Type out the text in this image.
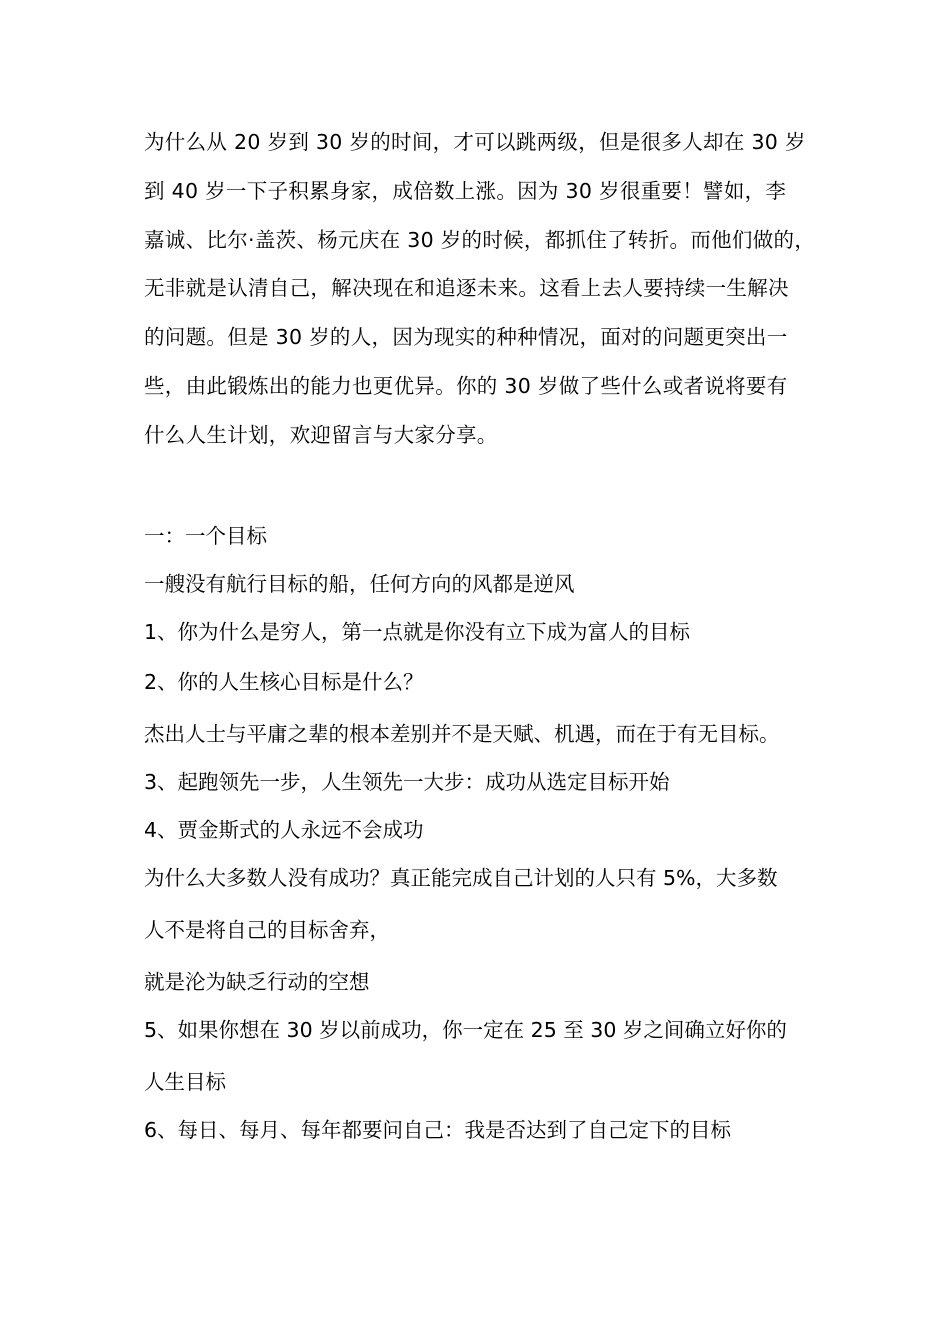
为什么从 20 岁到 30 岁的时间，才可以跳两级，但是很多人却在 30 岁
到 40 岁一下子积累身家，成倍数上涨。因为 30 岁很重要！譬如，李
嘉诚、比尔·盖茨、杨元庆在 30 岁的时候，都抓住了转折。而他们做的，
无非就是认清自己，解决现在和追逐未来。这看上去人要持续一生解决
的问题。但是 30 岁的人，因为现实的种种情况，面对的问题更突出一
些，由此锻炼出的能力也更优异。你的 30 岁做了些什么或者说将要有
什么人生计划，欢迎留言与大家分享。
一：一个目标
一艘没有航行目标的船，任何方向的风都是逆风
1、你为什么是穷人，第一点就是你没有立下成为富人的目标
2、你的人生核心目标是什么？
杰出人士与平庸之辈的根本差别并不是天赋、机遇，而在于有无目标。
3、起跑领先一步，人生领先一大步：成功从选定目标开始
4、贾金斯式的人永远不会成功
为什么大多数人没有成功？真正能完成自己计划的人只有 5%，大多数
人不是将自己的目标舍弃，
就是沦为缺乏行动的空想
5、如果你想在 30 岁以前成功，你一定在 25 至 30 岁之间确立好你的
人生目标
6、每日、每月、每年都要问自己：我是否达到了自己定下的目标
